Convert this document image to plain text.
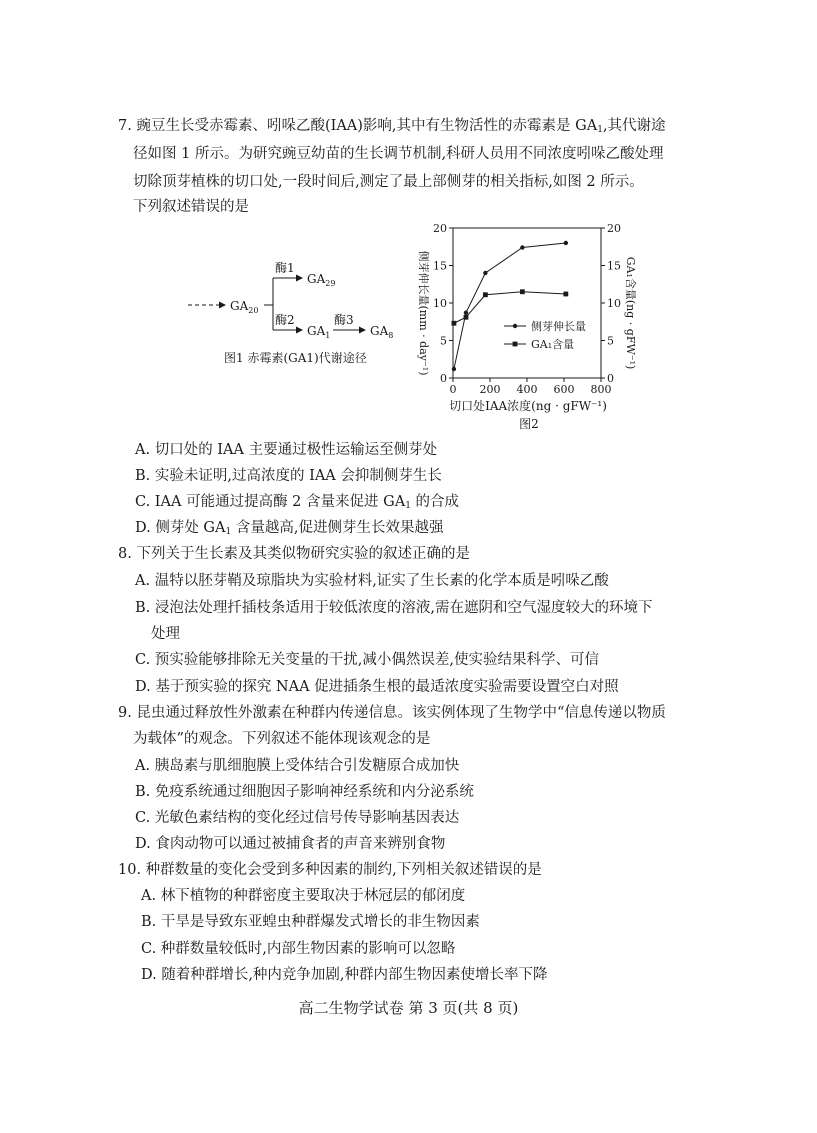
7. 豌豆生长受赤霉素、吲哚乙酸(IAA)影响,其中有生物活性的赤霉素是 $GA_1$,其代谢途
径如图 1 所示。为研究豌豆幼苗的生长调节机制,科研人员用不同浓度吲哚乙酸处理
切除顶芽植株的切口处,一段时间后,测定了最上部侧芽的相关指标,如图 2 所示。
下列叙述错误的是
$GA_{20}$
酶1
酶2
$GA_{29}$
$GA_1$
酶3
$GA_8$
图1 赤霉素(GA1)代谢途径
0 200 400 600 800
0
5
10
15
20
0
5
10
15
20
侧芽伸长量(mm · day⁻¹)	GA₁含量(ng · gFW⁻¹)
切口处IAA浓度(ng · gFW⁻¹)
图2
侧芽伸长量
GA₁含量
A. 切口处的 IAA 主要通过极性运输运至侧芽处
B. 实验未证明,过高浓度的 IAA 会抑制侧芽生长
C. IAA 可能通过提高酶 2 含量来促进 $GA_1$ 的合成
D. 侧芽处 $GA_1$ 含量越高,促进侧芽生长效果越强
8. 下列关于生长素及其类似物研究实验的叙述正确的是
A. 温特以胚芽鞘及琼脂块为实验材料,证实了生长素的化学本质是吲哚乙酸
B. 浸泡法处理扦插枝条适用于较低浓度的溶液,需在遮阴和空气湿度较大的环境下
处理
C. 预实验能够排除无关变量的干扰,减小偶然误差,使实验结果科学、可信
D. 基于预实验的探究 NAA 促进插条生根的最适浓度实验需要设置空白对照
9. 昆虫通过释放性外激素在种群内传递信息。该实例体现了生物学中“信息传递以物质
为载体”的观念。下列叙述不能体现该观念的是
A. 胰岛素与肌细胞膜上受体结合引发糖原合成加快
B. 免疫系统通过细胞因子影响神经系统和内分泌系统
C. 光敏色素结构的变化经过信号传导影响基因表达
D. 食肉动物可以通过被捕食者的声音来辨别食物
10. 种群数量的变化会受到多种因素的制约,下列相关叙述错误的是
A. 林下植物的种群密度主要取决于林冠层的郁闭度
B. 干旱是导致东亚蝗虫种群爆发式增长的非生物因素
C. 种群数量较低时,内部生物因素的影响可以忽略
D. 随着种群增长,种内竞争加剧,种群内部生物因素使增长率下降
高二生物学试卷 第 3 页(共 8 页)
